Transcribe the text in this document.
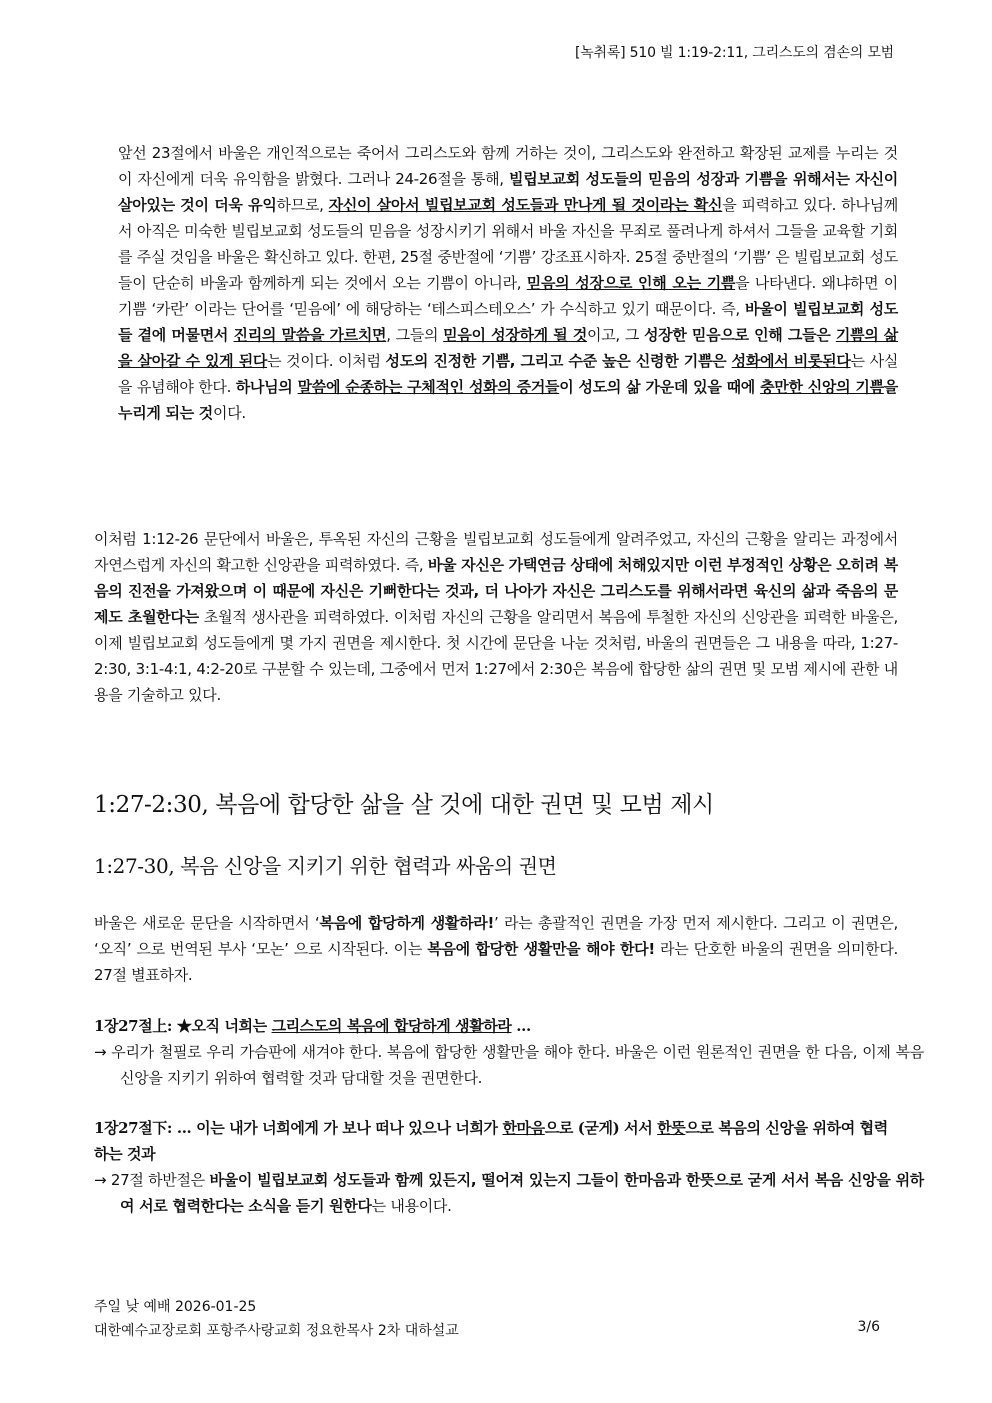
[녹취록] 510 빌 1:19-2:11, 그리스도의 겸손의 모범

앞선 23절에서 바울은 개인적으로는 죽어서 그리스도와 함께 거하는 것이, 그리스도와 완전하고 확장된 교제를 누리는 것이 자신에게 더욱 유익함을 밝혔다. 그러나 24-26절을 통해, 빌립보교회 성도들의 믿음의 성장과 기쁨을 위해서는 자신이 살아있는 것이 더욱 유익하므로, 자신이 살아서 빌립보교회 성도들과 만나게 될 것이라는 확신을 피력하고 있다. 하나님께서 아직은 미숙한 빌립보교회 성도들의 믿음을 성장시키기 위해서 바울 자신을 무죄로 풀려나게 하셔서 그들을 교육할 기회를 주실 것임을 바울은 확신하고 있다. 한편, 25절 중반절에 ‘기쁨’ 강조표시하자. 25절 중반절의 ‘기쁨’ 은 빌립보교회 성도들이 단순히 바울과 함께하게 되는 것에서 오는 기쁨이 아니라, 믿음의 성장으로 인해 오는 기쁨을 나타낸다. 왜냐하면 이 기쁨 ‘카란’ 이라는 단어를 ‘믿음에’ 에 해당하는 ‘테스피스테오스’ 가 수식하고 있기 때문이다. 즉, 바울이 빌립보교회 성도들 곁에 머물면서 진리의 말씀을 가르치면, 그들의 믿음이 성장하게 될 것이고, 그 성장한 믿음으로 인해 그들은 기쁨의 삶을 살아갈 수 있게 된다는 것이다. 이처럼 성도의 진정한 기쁨, 그리고 수준 높은 신령한 기쁨은 성화에서 비롯된다는 사실을 유념해야 한다. 하나님의 말씀에 순종하는 구체적인 성화의 증거들이 성도의 삶 가운데 있을 때에 충만한 신앙의 기쁨을 누리게 되는 것이다.

이처럼 1:12-26 문단에서 바울은, 투옥된 자신의 근황을 빌립보교회 성도들에게 알려주었고, 자신의 근황을 알리는 과정에서 자연스럽게 자신의 확고한 신앙관을 피력하였다. 즉, 바울 자신은 가택연금 상태에 처해있지만 이런 부정적인 상황은 오히려 복음의 진전을 가져왔으며 이 때문에 자신은 기뻐한다는 것과, 더 나아가 자신은 그리스도를 위해서라면 육신의 삶과 죽음의 문제도 초월한다는 초월적 생사관을 피력하였다. 이처럼 자신의 근황을 알리면서 복음에 투철한 자신의 신앙관을 피력한 바울은, 이제 빌립보교회 성도들에게 몇 가지 권면을 제시한다. 첫 시간에 문단을 나눈 것처럼, 바울의 권면들은 그 내용을 따라, 1:27-2:30, 3:1-4:1, 4:2-20로 구분할 수 있는데, 그중에서 먼저 1:27에서 2:30은 복음에 합당한 삶의 권면 및 모범 제시에 관한 내용을 기술하고 있다.

1:27-2:30, 복음에 합당한 삶을 살 것에 대한 권면 및 모범 제시
1:27-30, 복음 신앙을 지키기 위한 협력과 싸움의 권면

바울은 새로운 문단을 시작하면서 ‘복음에 합당하게 생활하라!’ 라는 총괄적인 권면을 가장 먼저 제시한다. 그리고 이 권면은, ‘오직’ 으로 번역된 부사 ‘모논’ 으로 시작된다. 이는 복음에 합당한 생활만을 해야 한다! 라는 단호한 바울의 권면을 의미한다. 27절 별표하자.

1장27절上: ★오직 너희는 그리스도의 복음에 합당하게 생활하라 ...

→ 우리가 철필로 우리 가슴판에 새겨야 한다. 복음에 합당한 생활만을 해야 한다. 바울은 이런 원론적인 권면을 한 다음, 이제 복음 신앙을 지키기 위하여 협력할 것과 담대할 것을 권면한다.

1장27절下: ... 이는 내가 너희에게 가 보나 떠나 있으나 너희가 한마음으로 (굳게) 서서 한뜻으로 복음의 신앙을 위하여 협력하는 것과

→ 27절 하반절은 바울이 빌립보교회 성도들과 함께 있든지, 떨어져 있는지 그들이 한마음과 한뜻으로 굳게 서서 복음 신앙을 위하여 서로 협력한다는 소식을 듣기 원한다는 내용이다.

주일 낮 예배 2026-01-25
대한예수교장로회 포항주사랑교회 정요한목사 2차 대하설교	3/6
